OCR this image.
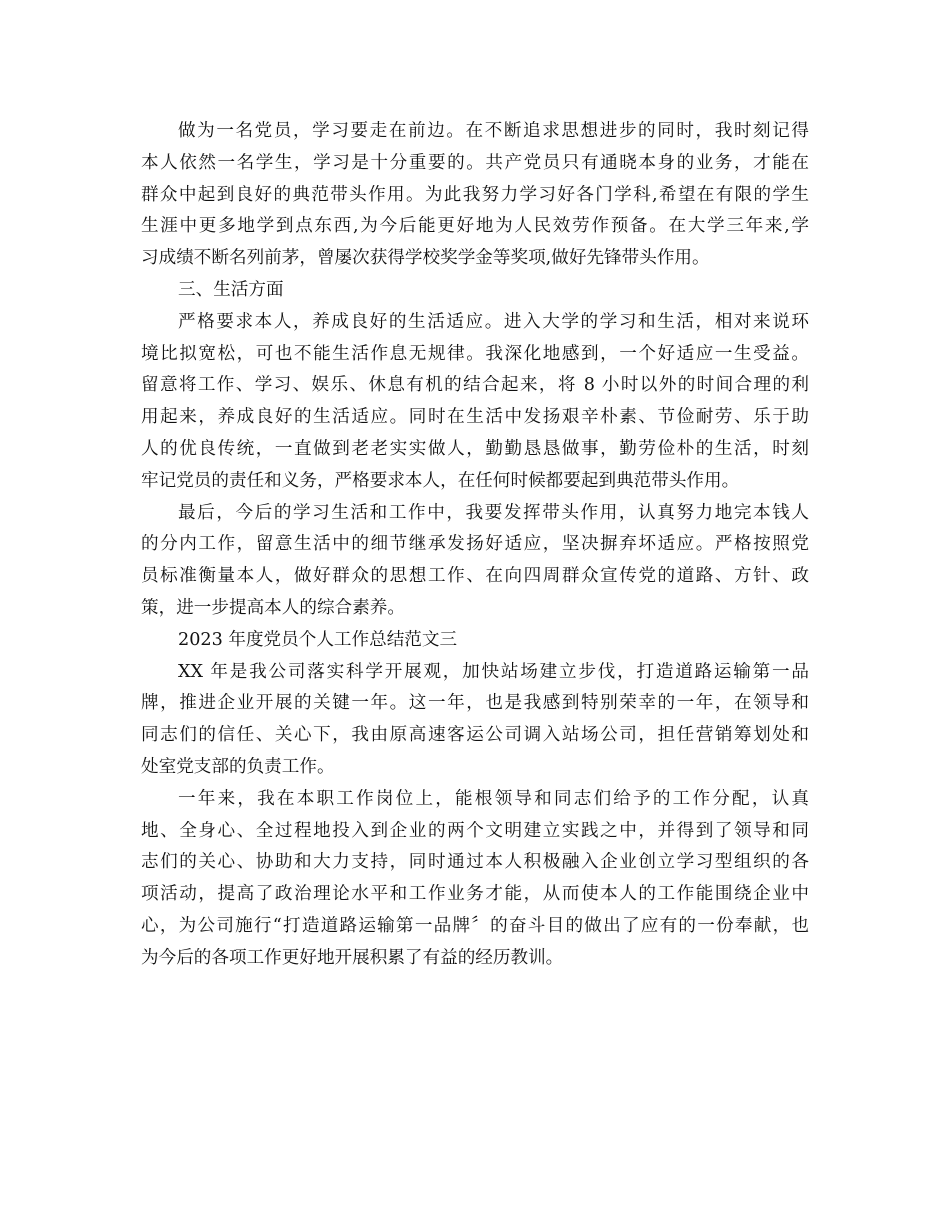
做为一名党员，学习要走在前边。在不断追求思想进步的同时，我时刻记得
本人依然一名学生，学习是十分重要的。共产党员只有通晓本身的业务，才能在
群众中起到良好的典范带头作用。为此我努力学习好各门学科,希望在有限的学生
生涯中更多地学到点东西,为今后能更好地为人民效劳作预备。在大学三年来,学
习成绩不断名列前茅，曾屡次获得学校奖学金等奖项,做好先锋带头作用。
三、生活方面
严格要求本人，养成良好的生活适应。进入大学的学习和生活，相对来说环
境比拟宽松，可也不能生活作息无规律。我深化地感到，一个好适应一生受益。
留意将工作、学习、娱乐、休息有机的结合起来，将 8 小时以外的时间合理的利
用起来，养成良好的生活适应。同时在生活中发扬艰辛朴素、节俭耐劳、乐于助
人的优良传统，一直做到老老实实做人，勤勤恳恳做事，勤劳俭朴的生活，时刻
牢记党员的责任和义务，严格要求本人，在任何时候都要起到典范带头作用。
最后，今后的学习生活和工作中，我要发挥带头作用，认真努力地完本钱人
的分内工作，留意生活中的细节继承发扬好适应，坚决摒弃坏适应。严格按照党
员标准衡量本人，做好群众的思想工作、在向四周群众宣传党的道路、方针、政
策，进一步提高本人的综合素养。
2023 年度党员个人工作总结范文三
XX 年是我公司落实科学开展观，加快站场建立步伐，打造道路运输第一品
牌，推进企业开展的关键一年。这一年，也是我感到特别荣幸的一年，在领导和
同志们的信任、关心下，我由原高速客运公司调入站场公司，担任营销筹划处和
处室党支部的负责工作。
一年来，我在本职工作岗位上，能根领导和同志们给予的工作分配，认真
地、全身心、全过程地投入到企业的两个文明建立实践之中，并得到了领导和同
志们的关心、协助和大力支持，同时通过本人积极融入企业创立学习型组织的各
项活动，提高了政治理论水平和工作业务才能，从而使本人的工作能围绕企业中
心，为公司施行“打造道路运输第一品牌〞的奋斗目的做出了应有的一份奉献，也
为今后的各项工作更好地开展积累了有益的经历教训。
